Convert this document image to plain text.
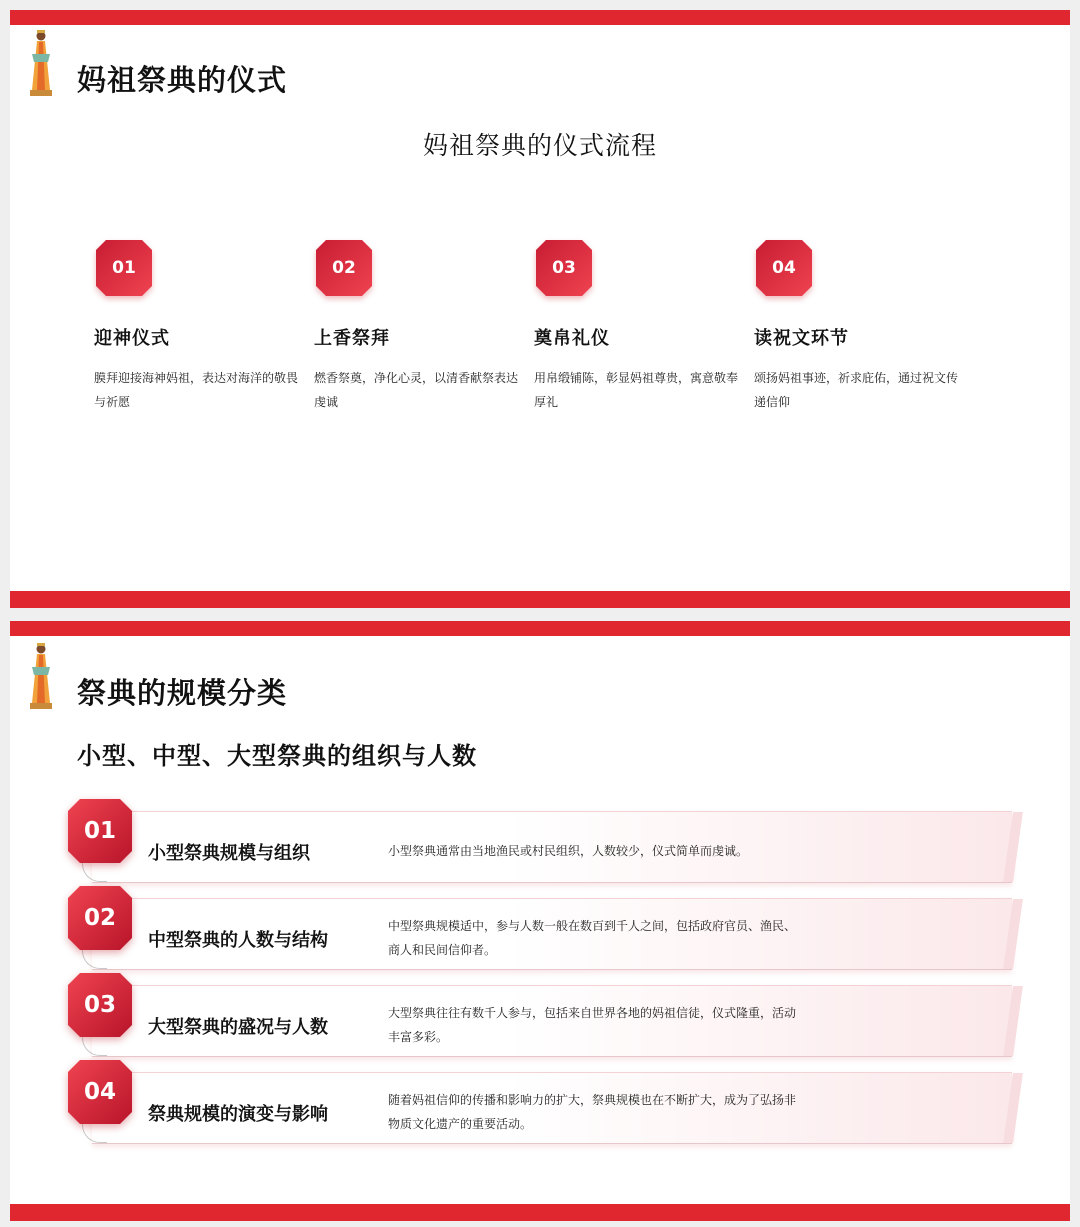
妈祖祭典的仪式
妈祖祭典的仪式流程
01
迎神仪式
膜拜迎接海神妈祖，表达对海洋的敬畏与祈愿
02
上香祭拜
燃香祭奠，净化心灵，以清香献祭表达虔诚
03
奠帛礼仪
用帛缎铺陈，彰显妈祖尊贵，寓意敬奉厚礼
04
读祝文环节
颂扬妈祖事迹，祈求庇佑，通过祝文传递信仰
祭典的规模分类
小型、中型、大型祭典的组织与人数
01
小型祭典规模与组织	小型祭典通常由当地渔民或村民组织，人数较少，仪式简单而虔诚。
02
中型祭典的人数与结构
中型祭典规模适中，参与人数一般在数百到千人之间，包括政府官员、渔民、商人和民间信仰者。
03
大型祭典的盛况与人数
大型祭典往往有数千人参与，包括来自世界各地的妈祖信徒，仪式隆重，活动丰富多彩。
04
祭典规模的演变与影响
随着妈祖信仰的传播和影响力的扩大，祭典规模也在不断扩大，成为了弘扬非物质文化遗产的重要活动。
